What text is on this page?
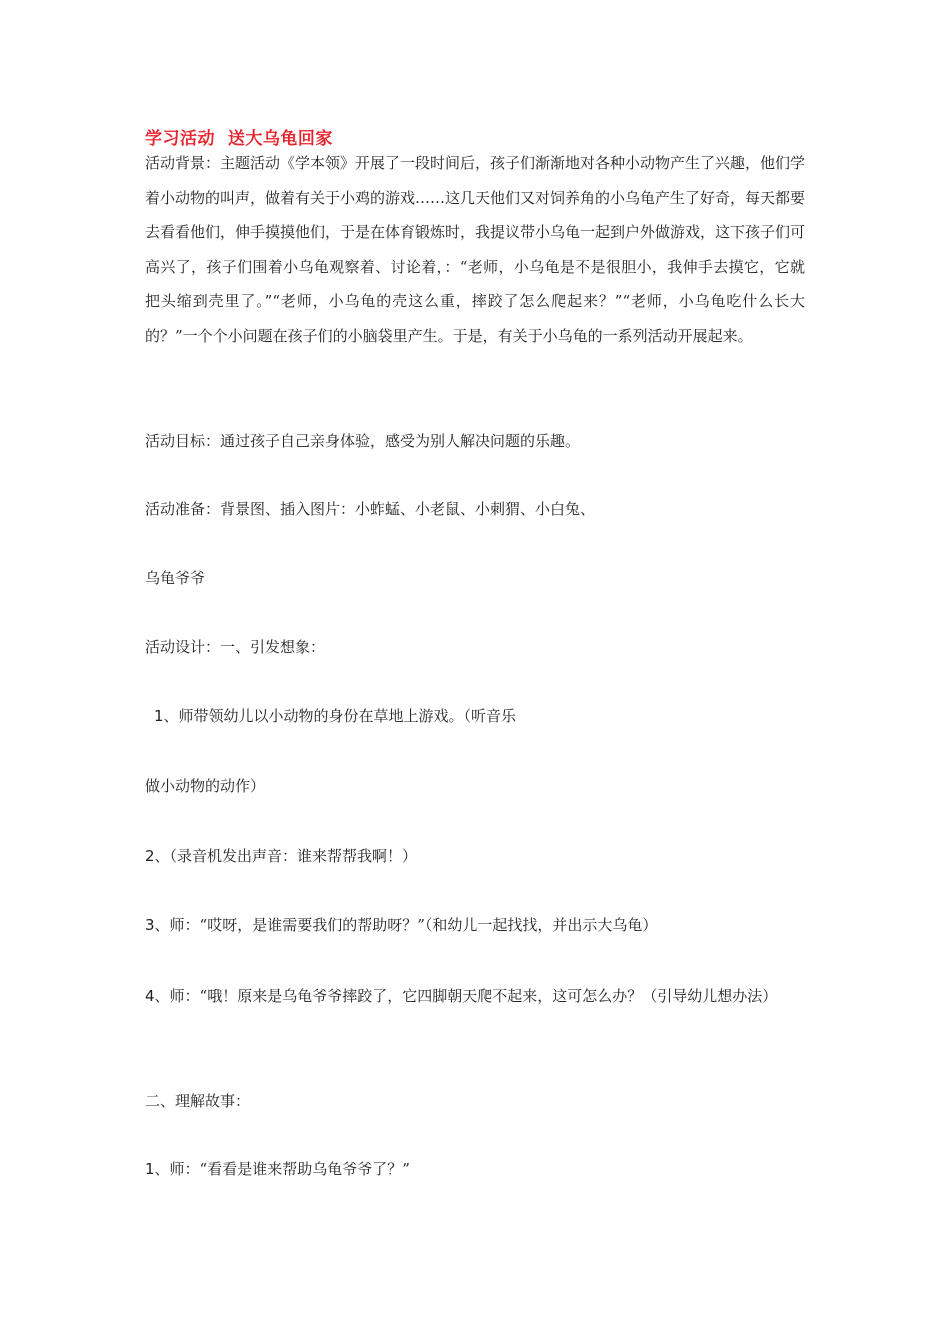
学习活动  送大乌龟回家
活动背景：主题活动《学本领》开展了一段时间后，孩子们渐渐地对各种小动物产生了兴趣，他们学着小动物的叫声，做着有关于小鸡的游戏……这几天他们又对饲养角的小乌龟产生了好奇，每天都要去看看他们，伸手摸摸他们，于是在体育锻炼时，我提议带小乌龟一起到户外做游戏，这下孩子们可高兴了，孩子们围着小乌龟观察着、讨论着，：“老师，小乌龟是不是很胆小，我伸手去摸它，它就把头缩到壳里了。”“老师，小乌龟的壳这么重，摔跤了怎么爬起来？”“老师，小乌龟吃什么长大的？”一个个小问题在孩子们的小脑袋里产生。于是，有关于小乌龟的一系列活动开展起来。
活动目标：通过孩子自己亲身体验，感受为别人解决问题的乐趣。
活动准备：背景图、插入图片：小蚱蜢、小老鼠、小刺猬、小白兔、
乌龟爷爷
活动设计：一、引发想象：
1、师带领幼儿以小动物的身份在草地上游戏。（听音乐
做小动物的动作）
2、（录音机发出声音：谁来帮帮我啊！）
3、师：“哎呀，是谁需要我们的帮助呀？”（和幼儿一起找找，并出示大乌龟）
4、师：“哦！原来是乌龟爷爷摔跤了，它四脚朝天爬不起来，这可怎么办？（引导幼儿想办法）
二、理解故事：
1、师：“看看是谁来帮助乌龟爷爷了？”
